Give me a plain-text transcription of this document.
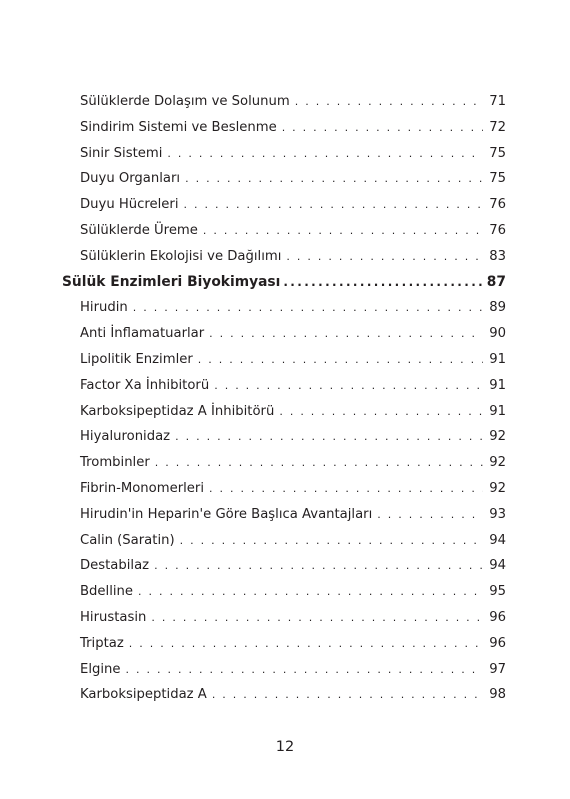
Sülüklerde Dolaşım ve Solunum . . .	71
Sindirim Sistemi ve Beslenme . . .	72
Sinir Sistemi . . .	75
Duyu Organları . . .	75
Duyu Hücreleri . . .	76
Sülüklerde Üreme . . .	76
Sülüklerin Ekolojisi ve Dağılımı . . .	83
Sülük Enzimleri Biyokimyası .....	87
Hirudin . . .	89
Anti İnflamatuarlar . . .	90
Lipolitik Enzimler . . .	91
Factor Xa İnhibitorü . . .	91
Karboksipeptidaz A İnhibitörü . . .	91
Hiyaluronidaz . . .	92
Trombinler . . .	92
Fibrin-Monomerleri . . .	92
Hirudin'in Heparin'e Göre Başlıca Avantajları . . .	93
Calin (Saratin) . . .	94
Destabilaz . . .	94
Bdelline . . .	95
Hirustasin . . .	96
Triptaz . . .	96
Elgine . . .	97
Karboksipeptidaz A . . .	98
12
